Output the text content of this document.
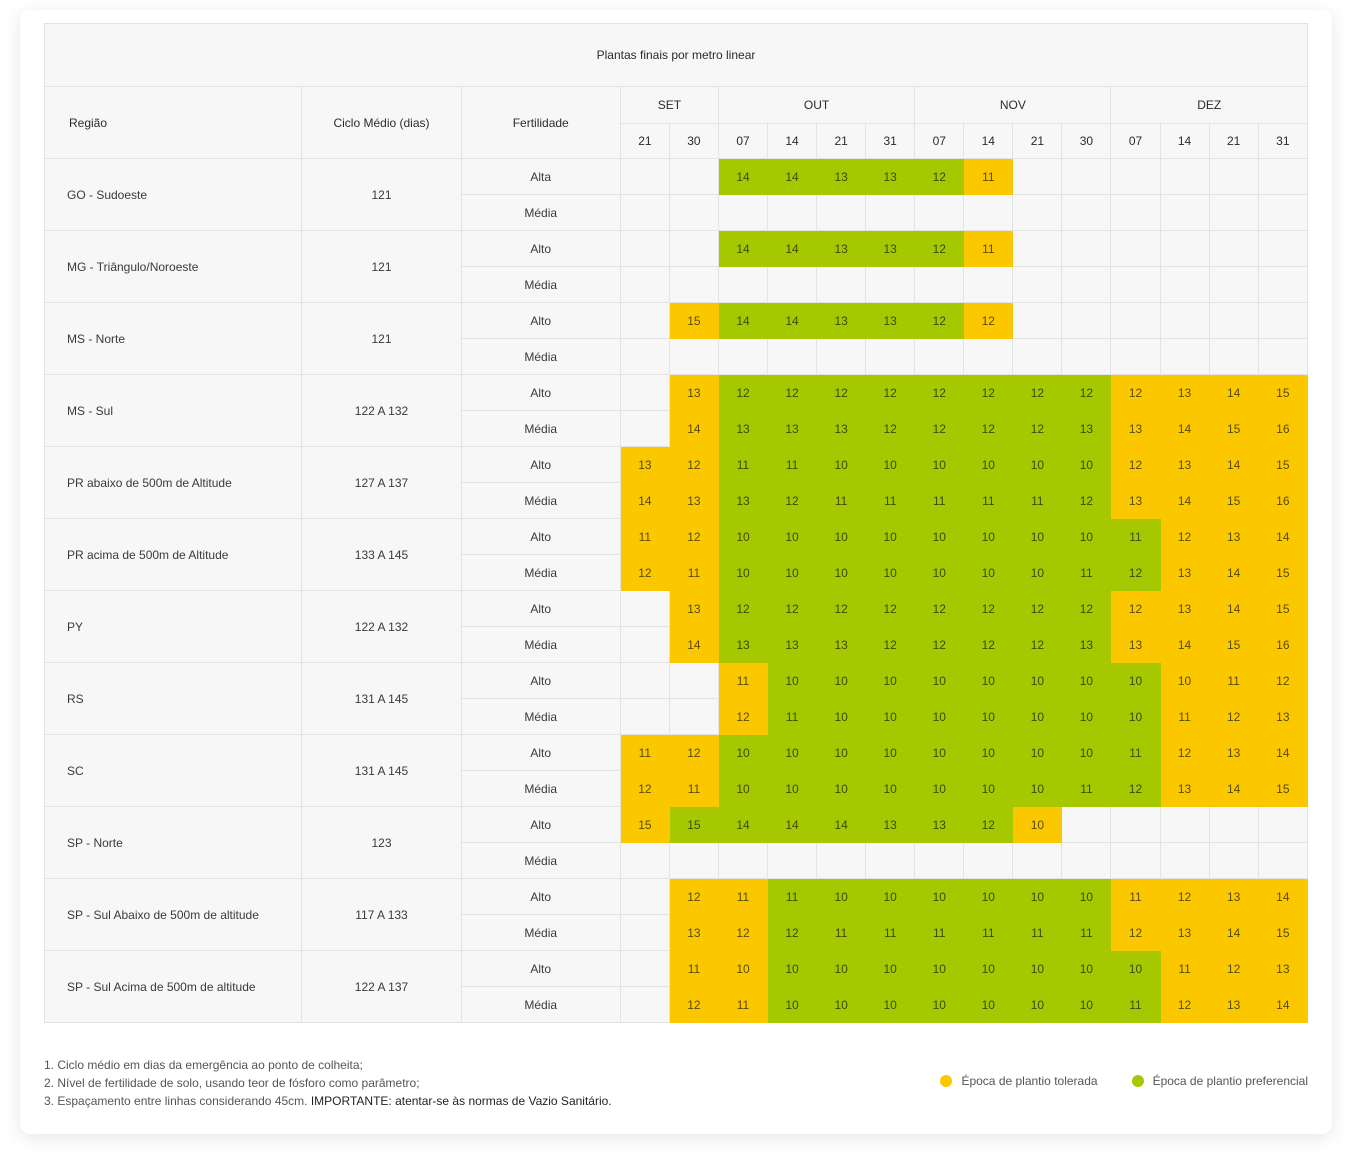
Plantas finais por metro linear																
Região	Ciclo Médio (dias)	Fertilidade	SET		OUT				NOV				DEZ			
			21	30	07	14	21	31	07	14	21	30	07	14	21	31
GO - Sudoeste	121	Alta			14	14	13	13	12	11						
		Média														
MG - Triângulo/Noroeste	121	Alto			14	14	13	13	12	11						
		Média														
MS - Norte	121	Alto		15	14	14	13	13	12	12						
		Média														
MS - Sul	122 A 132	Alto		13	12	12	12	12	12	12	12	12	12	13	14	15
		Média		14	13	13	13	12	12	12	12	13	13	14	15	16
PR abaixo de 500m de Altitude	127 A 137	Alto	13	12	11	11	10	10	10	10	10	10	12	13	14	15
		Média	14	13	13	12	11	11	11	11	11	12	13	14	15	16
PR acima de 500m de Altitude	133 A 145	Alto	11	12	10	10	10	10	10	10	10	10	11	12	13	14
		Média	12	11	10	10	10	10	10	10	10	11	12	13	14	15
PY	122 A 132	Alto		13	12	12	12	12	12	12	12	12	12	13	14	15
		Média		14	13	13	13	12	12	12	12	13	13	14	15	16
RS	131 A 145	Alto			11	10	10	10	10	10	10	10	10	10	11	12
		Média			12	11	10	10	10	10	10	10	10	11	12	13
SC	131 A 145	Alto	11	12	10	10	10	10	10	10	10	10	11	12	13	14
		Média	12	11	10	10	10	10	10	10	10	11	12	13	14	15
SP - Norte	123	Alto	15	15	14	14	14	13	13	12	10					
		Média														
SP - Sul Abaixo de 500m de altitude	117 A 133	Alto		12	11	11	10	10	10	10	10	10	11	12	13	14
		Média		13	12	12	11	11	11	11	11	11	12	13	14	15
SP - Sul Acima de 500m de altitude	122 A 137	Alto		11	10	10	10	10	10	10	10	10	10	11	12	13
		Média		12	11	10	10	10	10	10	10	10	11	12	13	14
1. Ciclo médio em dias da emergência ao ponto de colheita;
2. Nível de fertilidade de solo, usando teor de fósforo como parâmetro;
3. Espaçamento entre linhas considerando 45cm. IMPORTANTE: atentar-se às normas de Vazio Sanitário.
Época de plantio tolerada	Época de plantio preferencial
